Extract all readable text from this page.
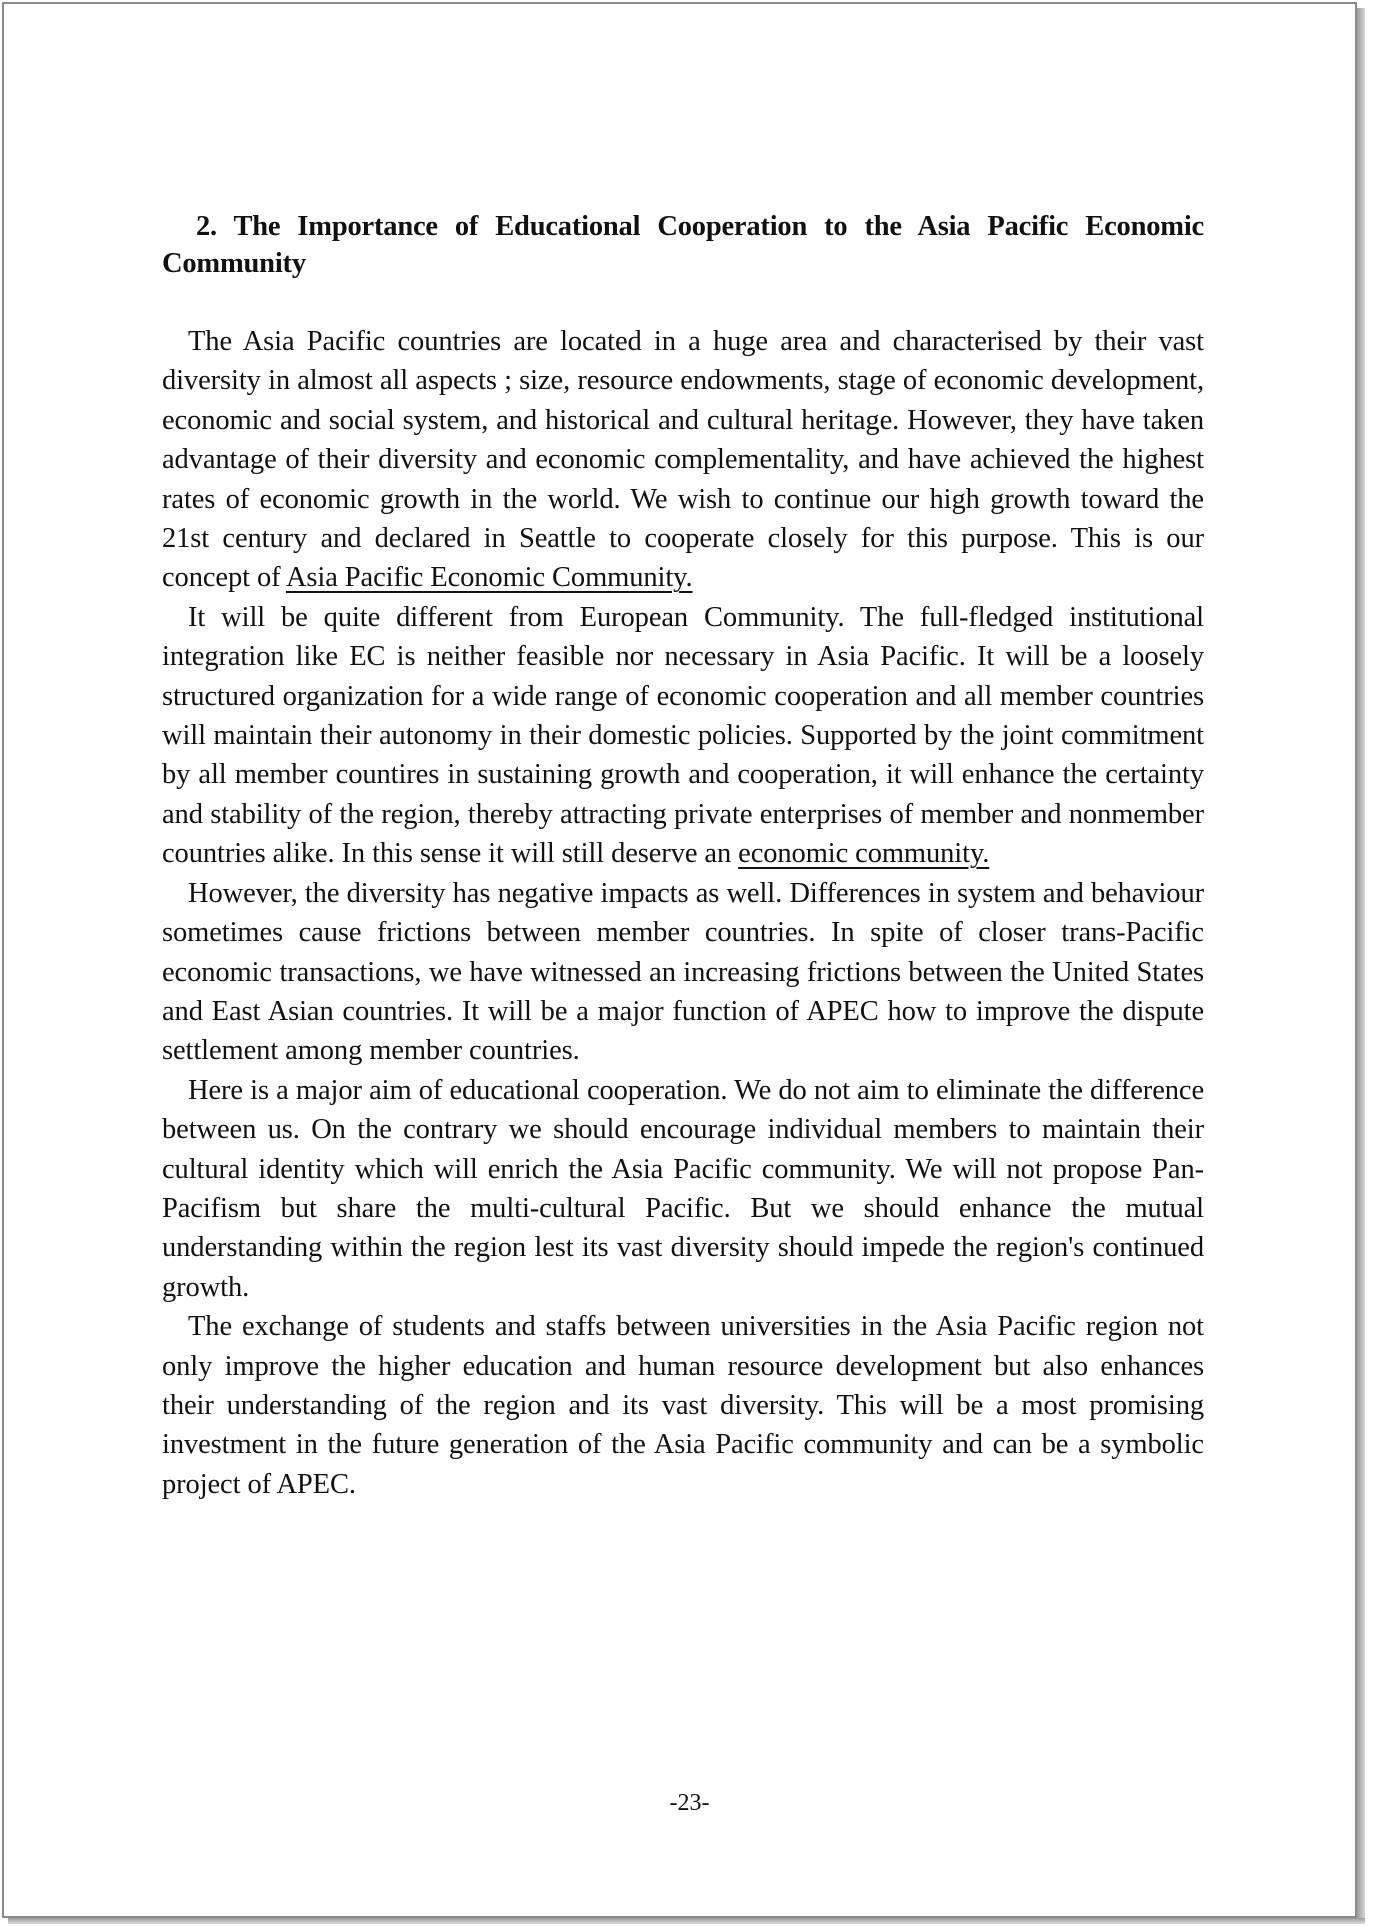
2. The Importance of Educational Cooperation to the Asia Pacific Economic Community

The Asia Pacific countries are located in a huge area and characterised by their vast diversity in almost all aspects ; size, resource endowments, stage of economic development, economic and social system, and historical and cultural heritage. However, they have taken advantage of their diversity and economic complementality, and have achieved the highest rates of economic growth in the world. We wish to continue our high growth toward the 21st century and declared in Seattle to cooperate closely for this purpose. This is our concept of Asia Pacific Economic Community.

It will be quite different from European Community. The full-fledged institutional integration like EC is neither feasible nor necessary in Asia Pacific. It will be a loosely structured organization for a wide range of economic cooperation and all member countries will maintain their autonomy in their domestic policies. Supported by the joint commitment by all member countires in sustaining growth and cooperation, it will enhance the certainty and stability of the region, thereby attracting private enterprises of member and nonmember countries alike. In this sense it will still deserve an economic community.

However, the diversity has negative impacts as well. Differences in system and behaviour sometimes cause frictions between member countries. In spite of closer trans-Pacific economic transactions, we have witnessed an increasing frictions between the United States and East Asian countries. It will be a major function of APEC how to improve the dispute settlement among member countries.

Here is a major aim of educational cooperation. We do not aim to eliminate the difference between us. On the contrary we should encourage individual members to maintain their cultural identity which will enrich the Asia Pacific community. We will not propose Pan-Pacifism but share the multi-cultural Pacific. But we should enhance the mutual understanding within the region lest its vast diversity should impede the region's continued growth.

The exchange of students and staffs between universities in the Asia Pacific region not only improve the higher education and human resource development but also enhances their understanding of the region and its vast diversity. This will be a most promising investment in the future generation of the Asia Pacific community and can be a symbolic project of APEC.

-23-
